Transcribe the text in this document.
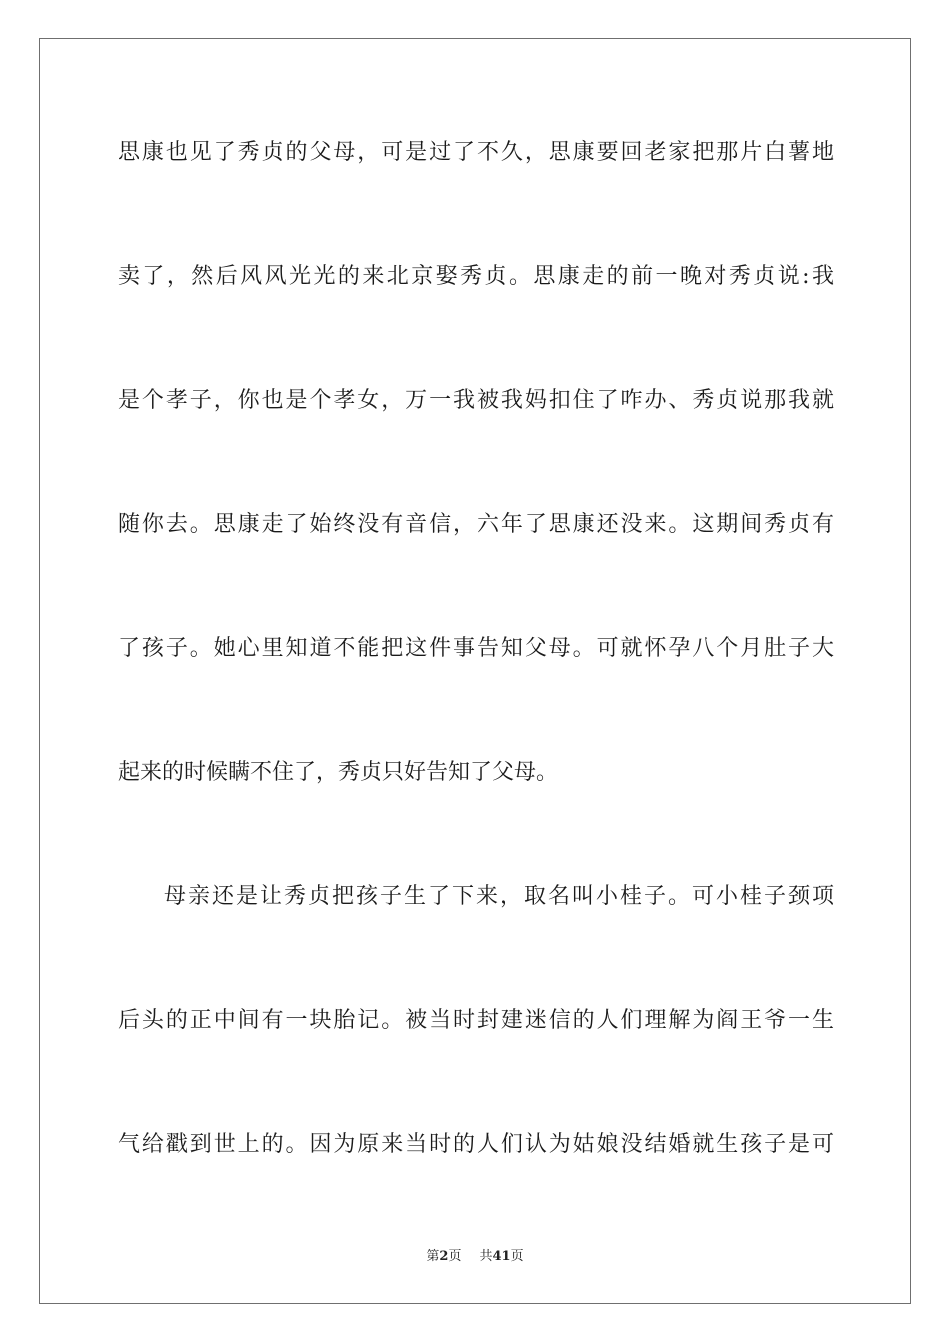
思康也见了秀贞的父母，可是过了不久，思康要回老家把那片白薯地
卖了，然后风风光光的来北京娶秀贞。思康走的前一晚对秀贞说:我
是个孝子，你也是个孝女，万一我被我妈扣住了咋办、秀贞说那我就
随你去。思康走了始终没有音信，六年了思康还没来。这期间秀贞有
了孩子。她心里知道不能把这件事告知父母。可就怀孕八个月肚子大
起来的时候瞒不住了，秀贞只好告知了父母。
母亲还是让秀贞把孩子生了下来，取名叫小桂子。可小桂子颈项
后头的正中间有一块胎记。被当时封建迷信的人们理解为阎王爷一生
气给戳到世上的。因为原来当时的人们认为姑娘没结婚就生孩子是可
第2页 共41页
